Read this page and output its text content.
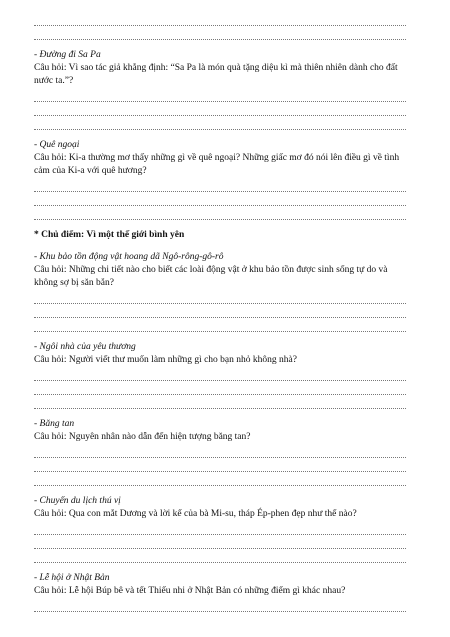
- Đường đi Sa Pa
Câu hỏi: Vì sao tác giả khẳng định: “Sa Pa là món quà tặng diệu kì mà thiên nhiên dành cho đất nước ta.”?
- Quê ngoại
Câu hỏi: Ki-a thường mơ thấy những gì về quê ngoại? Những giấc mơ đó nói lên điều gì về tình cảm của Ki-a với quê hương?
* Chủ điểm: Vì một thế giới bình yên
- Khu bảo tồn động vật hoang dã Ngô-rông-gô-rô
Câu hỏi: Những chi tiết nào cho biết các loài động vật ở khu bảo tồn được sinh sống tự do và không sợ bị săn bắn?
- Ngôi nhà của yêu thương
Câu hỏi: Người viết thư muốn làm những gì cho bạn nhỏ không nhà?
- Băng tan
Câu hỏi: Nguyên nhân nào dẫn đến hiện tượng băng tan?
- Chuyến du lịch thú vị
Câu hỏi: Qua con mắt Dương và lời kể của bà Mi-su, tháp Ép-phen đẹp như thế nào?
- Lễ hội ở Nhật Bản
Câu hỏi: Lễ hội Búp bê và tết Thiếu nhi ở Nhật Bản có những điểm gì khác nhau?
